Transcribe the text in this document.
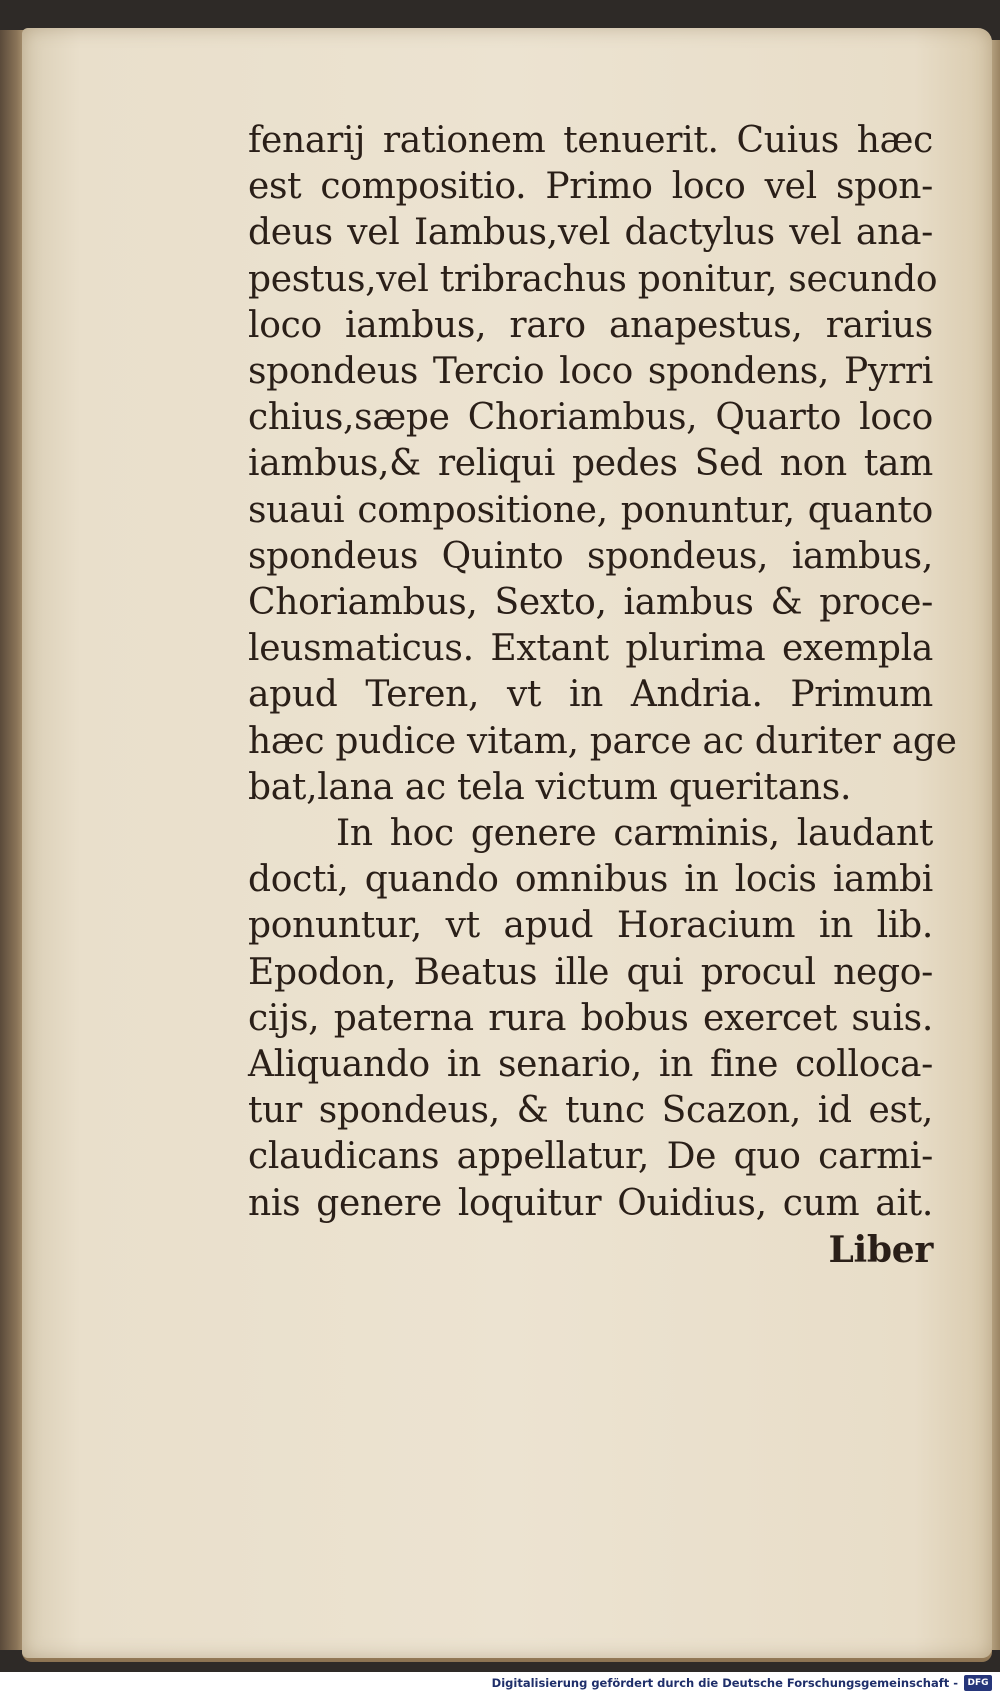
fenarij rationem tenuerit. Cuius hæc
est compositio. Primo loco vel spon-
deus vel Iambus,vel dactylus vel ana-
pestus,vel tribrachus ponitur, secundo
loco iambus, raro anapestus, rarius
spondeus Tercio loco spondens, Pyrri
chius,sæpe Choriambus, Quarto loco
iambus,& reliqui pedes Sed non tam
suaui compositione, ponuntur, quanto
spondeus Quinto spondeus, iambus,
Choriambus, Sexto, iambus & proce-
leusmaticus. Extant plurima exempla
apud Teren, vt in Andria. Primum
hæc pudice vitam, parce ac duriter age
bat,lana ac tela victum queritans.
In hoc genere carminis, laudant
docti, quando omnibus in locis iambi
ponuntur, vt apud Horacium in lib.
Epodon, Beatus ille qui procul nego-
cijs, paterna rura bobus exercet suis.
Aliquando in senario, in fine colloca-
tur spondeus, & tunc Scazon, id est,
claudicans appellatur, De quo carmi-
nis genere loquitur Ouidius, cum ait.
Liber
Digitalisierung gefördert durch die Deutsche Forschungsgemeinschaft -	DFG
